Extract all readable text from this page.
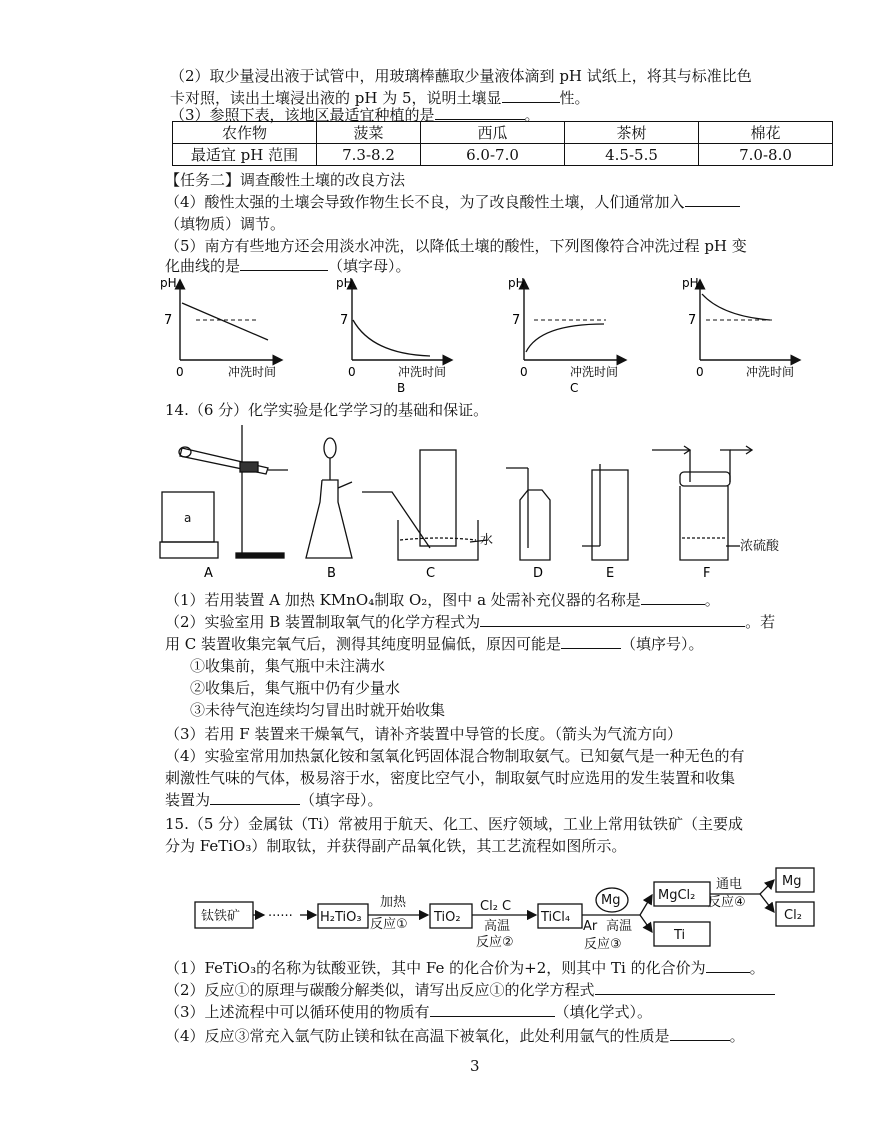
（2）取少量浸出液于试管中，用玻璃棒蘸取少量液体滴到 pH 试纸上，将其与标准比色
卡对照，读出土壤浸出液的 pH 为 5，说明土壤显	性。
（3）参照下表，该地区最适宜种植的是	。
农作物	菠菜	西瓜	茶树	棉花
最适宜 pH 范围	7.3-8.2	6.0-7.0	4.5-5.5	7.0-8.0
【任务二】调查酸性土壤的改良方法
（4）酸性太强的土壤会导致作物生长不良，为了改良酸性土壤，人们通常加入
（填物质）调节。
（5）南方有些地方还会用淡水冲洗，以降低土壤的酸性，下列图像符合冲洗过程 pH 变
化曲线的是	（填字母）。
pH
7
0	冲洗时间
pH
7
0	冲洗时间
B
pH
7
0	冲洗时间
C
pH
7
0	冲洗时间
14.（6 分）化学实验是化学学习的基础和保证。
a
水	浓硫酸
A	B	C	D	E	F
（1）若用装置 A 加热 KMnO₄制取 O₂，图中 a 处需补充仪器的名称是	。
（2）实验室用 B 装置制取氧气的化学方程式为	。若
用 C 装置收集完氧气后，测得其纯度明显偏低，原因可能是	（填序号）。
①收集前，集气瓶中未注满水
②收集后，集气瓶中仍有少量水
③未待气泡连续均匀冒出时就开始收集
（3）若用 F 装置来干燥氧气，请补齐装置中导管的长度。（箭头为气流方向）
（4）实验室常用加热氯化铵和氢氧化钙固体混合物制取氨气。已知氨气是一种无色的有
刺激性气味的气体，极易溶于水，密度比空气小，制取氨气时应选用的发生装置和收集
装置为	（填字母）。
15.（5 分）金属钛（Ti）常被用于航天、化工、医疗领域，工业上常用钛铁矿（主要成
分为 FeTiO₃）制取钛，并获得副产品氧化铁，其工艺流程如图所示。
钛铁矿 ······ H₂TiO₃
加热
反应① TiO₂
Cl₂ C
高温
反应②
TiCl₄
Mg
Ar 高温
反应③
MgCl₂
Ti
通电
反应④
Mg
Cl₂
（1）FeTiO₃的名称为钛酸亚铁，其中 Fe 的化合价为+2，则其中 Ti 的化合价为	。
（2）反应①的原理与碳酸分解类似，请写出反应①的化学方程式
（3）上述流程中可以循环使用的物质有	（填化学式）。
（4）反应③常充入氩气防止镁和钛在高温下被氧化，此处利用氩气的性质是	。
3
